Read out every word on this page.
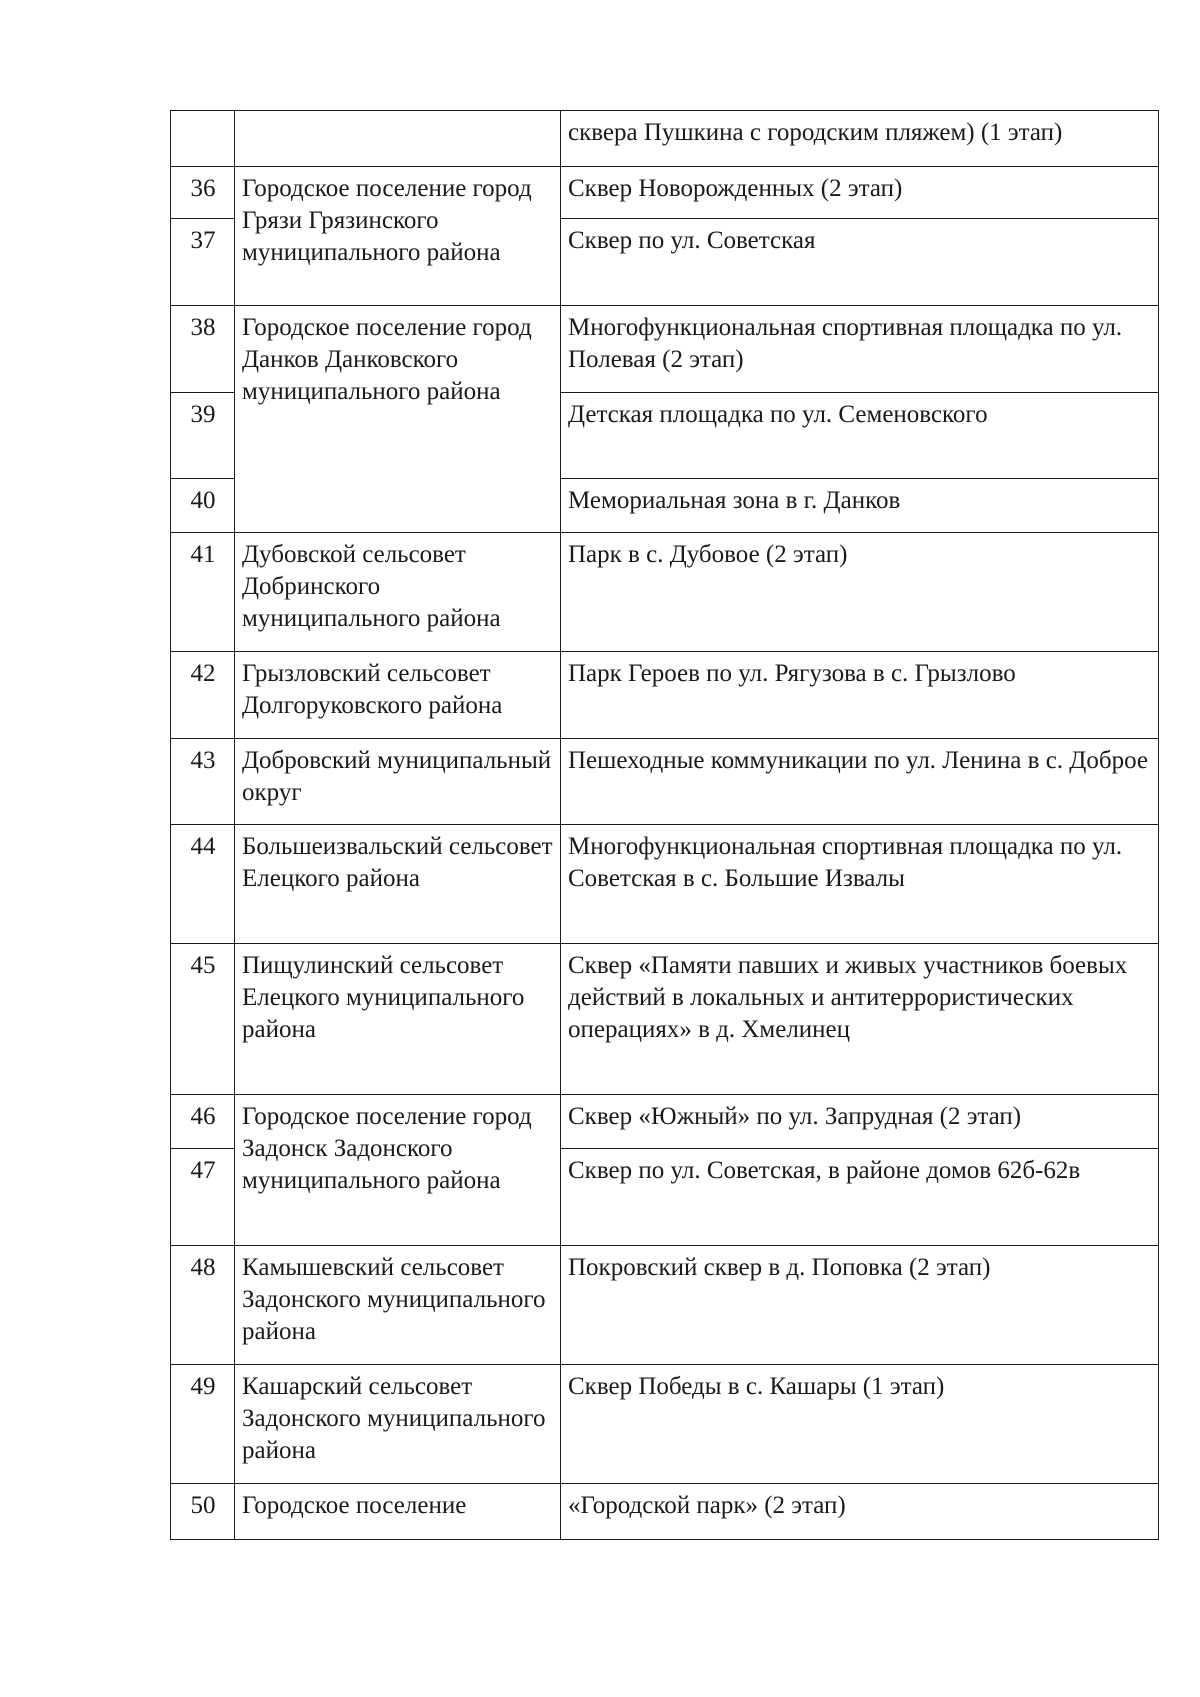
		сквера Пушкина с городским пляжем) (1 этап)
36	Городское поселение город Грязи Грязинского муниципального района	Сквер Новорожденных (2 этап)
37		Сквер по ул. Советская
38	Городское поселение город Данков Данковского муниципального района	Многофункциональная спортивная площадка по ул. Полевая (2 этап)
39		Детская площадка по ул. Семеновского
40		Мемориальная зона в г. Данков
41	Дубовской сельсовет Добринского муниципального района	Парк в с. Дубовое (2 этап)
42	Грызловский сельсовет Долгоруковского района	Парк Героев по ул. Рягузова в с. Грызлово
43	Добровский муниципальный округ	Пешеходные коммуникации по ул. Ленина в с. Доброе
44	Большеизвальский сельсовет Елецкого района	Многофункциональная спортивная площадка по ул. Советская в с. Большие Извалы
45	Пищулинский сельсовет Елецкого муниципального района	Сквер «Памяти павших и живых участников боевых действий в локальных и антитеррористических операциях» в д. Хмелинец
46	Городское поселение город Задонск Задонского муниципального района	Сквер «Южный» по ул. Запрудная (2 этап)
47		Сквер по ул. Советская, в районе домов 62б-62в
48	Камышевский сельсовет Задонского муниципального района	Покровский сквер в д. Поповка (2 этап)
49	Кашарский сельсовет Задонского муниципального района	Сквер Победы в с. Кашары (1 этап)
50	Городское поселение	«Городской парк» (2 этап)
